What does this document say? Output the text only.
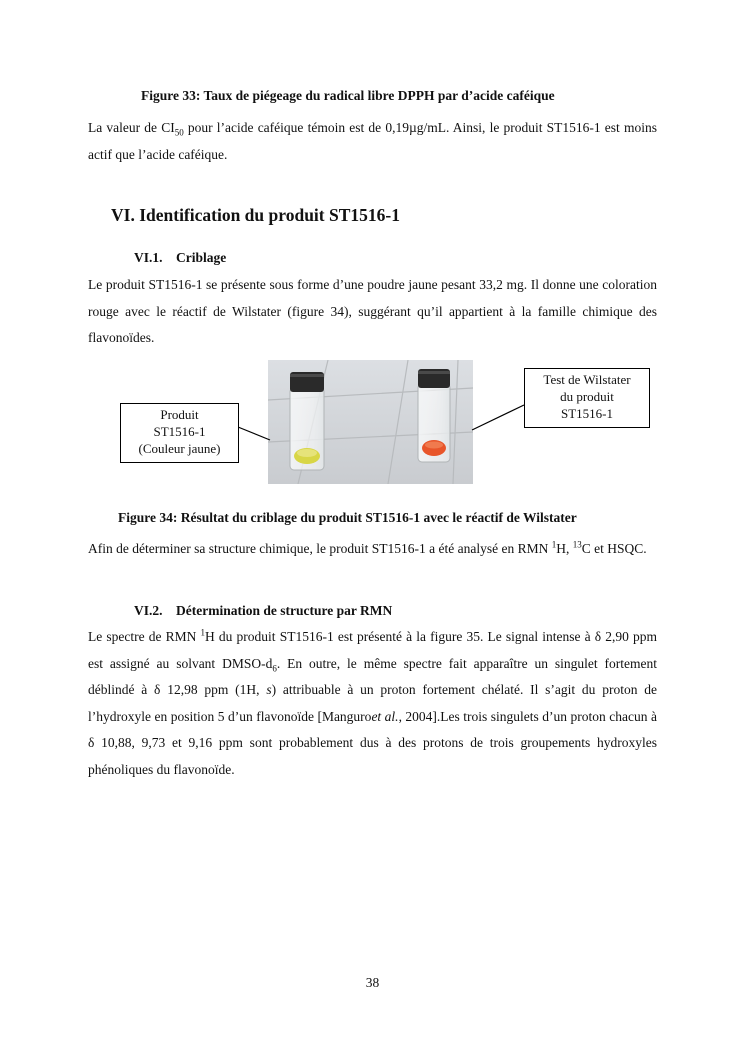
Figure 33: Taux de piégeage du radical libre DPPH par d’acide caféique
La valeur de $CI_{50}$ pour l’acide caféique témoin est de 0,19µg/mL. Ainsi, le produit ST1516-1 est moins actif que l’acide caféique.
VI. Identification du produit ST1516-1
VI.1. Criblage
Le produit ST1516-1 se présente sous forme d’une poudre jaune pesant 33,2 mg. Il donne une coloration rouge avec le réactif de Wilstater (figure 34), suggérant qu’il appartient à la famille chimique des flavonoïdes.
Produit
ST1516-1
(Couleur jaune)
Test de Wilstater
du produit
ST1516-1
Figure 34: Résultat du criblage du produit ST1516-1 avec le réactif de Wilstater
Afin de déterminer sa structure chimique, le produit ST1516-1 a été analysé en RMN $^1$H, $^{13}$C et HSQC.
VI.2. Détermination de structure par RMN
Le spectre de RMN $^1$H du produit ST1516-1 est présenté à la figure 35. Le signal intense à δ 2,90 ppm est assigné au solvant DMSO-$d_6$. En outre, le même spectre fait apparaître un singulet fortement déblindé à δ 12,98 ppm (1H, s) attribuable à un proton fortement chélaté. Il s’agit du proton de l’hydroxyle en position 5 d’un flavonoïde [Manguroet al., 2004].Les trois singulets d’un proton chacun à δ 10,88, 9,73 et 9,16 ppm sont probablement dus à des protons de trois groupements hydroxyles phénoliques du flavonoïde.
38
